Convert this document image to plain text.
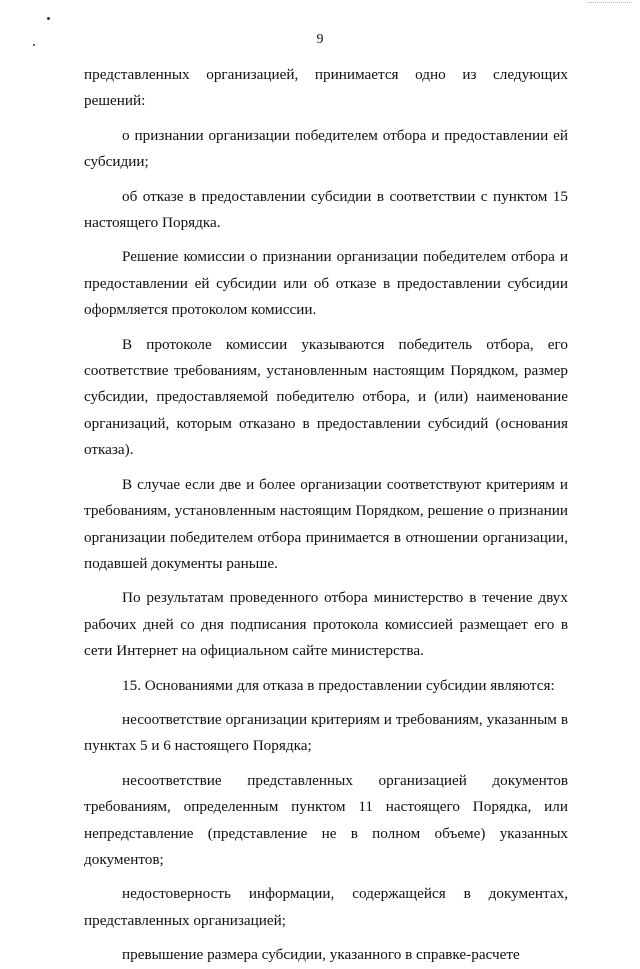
9

представленных организацией, принимается одно из следующих решений:

о признании организации победителем отбора и предоставлении ей субсидии;

об отказе в предоставлении субсидии в соответствии с пунктом 15 настоящего Порядка.

Решение комиссии о признании организации победителем отбора и предоставлении ей субсидии или об отказе в предоставлении субсидии оформляется протоколом комиссии.

В протоколе комиссии указываются победитель отбора, его соответствие требованиям, установленным настоящим Порядком, размер субсидии, предоставляемой победителю отбора, и (или) наименование организаций, которым отказано в предоставлении субсидий (основания отказа).

В случае если две и более организации соответствуют критериям и требованиям, установленным настоящим Порядком, решение о признании организации победителем отбора принимается в отношении организации, подавшей документы раньше.

По результатам проведенного отбора министерство в течение двух рабочих дней со дня подписания протокола комиссией размещает его в сети Интернет на официальном сайте министерства.

15. Основаниями для отказа в предоставлении субсидии являются:

несоответствие организации критериям и требованиям, указанным в пунктах 5 и 6 настоящего Порядка;

несоответствие представленных организацией документов требованиям, определенным пунктом 11 настоящего Порядка, или непредставление (представление не в полном объеме) указанных документов;

недостоверность информации, содержащейся в документах, представленных организацией;

превышение размера субсидии, указанного в справке-расчете
